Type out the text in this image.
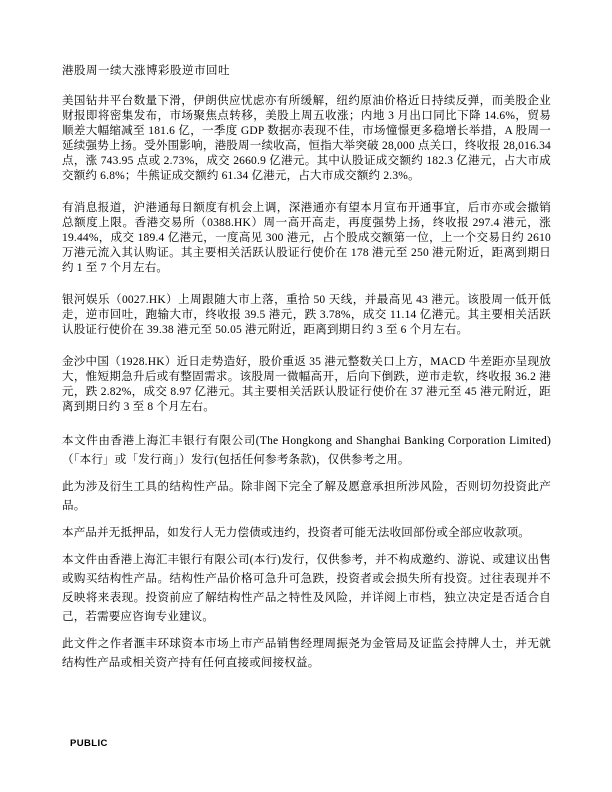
港股周一续大涨博彩股逆市回吐

美国钻井平台数量下滑，伊朗供应忧虑亦有所缓解，纽约原油价格近日持续反弹，而美股企业财报即将密集发布，市场聚焦点转移，美股上周五收涨；内地 3 月出口同比下降 14.6%，贸易顺差大幅缩减至 181.6 亿，一季度 GDP 数据亦表现不佳，市场憧憬更多稳增长举措，A 股周一延续强势上扬。受外围影响，港股周一续收高，恒指大举突破 28,000 点关口，终收报 28,016.34 点，涨 743.95 点或 2.73%，成交 2660.9 亿港元。其中认股证成交额约 182.3 亿港元，占大市成交额约 6.8%；牛熊证成交额约 61.34 亿港元，占大市成交额约 2.3%。

有消息报道，沪港通每日额度有机会上调，深港通亦有望本月宣布开通事宜，后市亦或会撤销总额度上限。香港交易所（0388.HK）周一高开高走，再度强势上扬，终收报 297.4 港元，涨 19.44%，成交 189.4 亿港元，一度高见 300 港元，占个股成交额第一位，上一个交易日约 2610 万港元流入其认购证。其主要相关活跃认股证行使价在 178 港元至 250 港元附近，距离到期日约 1 至 7 个月左右。

银河娱乐（0027.HK）上周跟随大市上落，重拾 50 天线，并最高见 43 港元。该股周一低开低走，逆市回吐，跑输大市，终收报 39.5 港元，跌 3.78%，成交 11.14 亿港元。其主要相关活跃认股证行使价在 39.38 港元至 50.05 港元附近，距离到期日约 3 至 6 个月左右。

金沙中国（1928.HK）近日走势造好，股价重返 35 港元整数关口上方，MACD 牛差距亦呈现放大，惟短期急升后或有整固需求。该股周一微幅高开，后向下倒跌，逆市走软，终收报 36.2 港元，跌 2.82%，成交 8.97 亿港元。其主要相关活跃认股证行使价在 37 港元至 45 港元附近，距离到期日约 3 至 8 个月左右。

本文件由香港上海汇丰银行有限公司(The Hongkong and Shanghai Banking Corporation Limited) （「本行」或「发行商」）发行(包括任何参考条款)，仅供参考之用。

此为涉及衍生工具的结构性产品。除非阁下完全了解及愿意承担所涉风险，否则切勿投资此产品。

本产品并无抵押品，如发行人无力偿债或违约，投资者可能无法收回部份或全部应收款项。

本文件由香港上海汇丰银行有限公司(本行)发行，仅供参考，并不构成邀约、游说、或建议出售或购买结构性产品。结构性产品价格可急升可急跌，投资者或会损失所有投资。过往表现并不反映将来表现。投资前应了解结构性产品之特性及风险，并详阅上市档，独立决定是否适合自己，若需要应咨询专业建议。

此文件之作者滙丰环球资本市场上市产品销售经理周振尧为金管局及证监会持牌人士，并无就结构性产品或相关资产持有任何直接或间接权益。

PUBLIC
